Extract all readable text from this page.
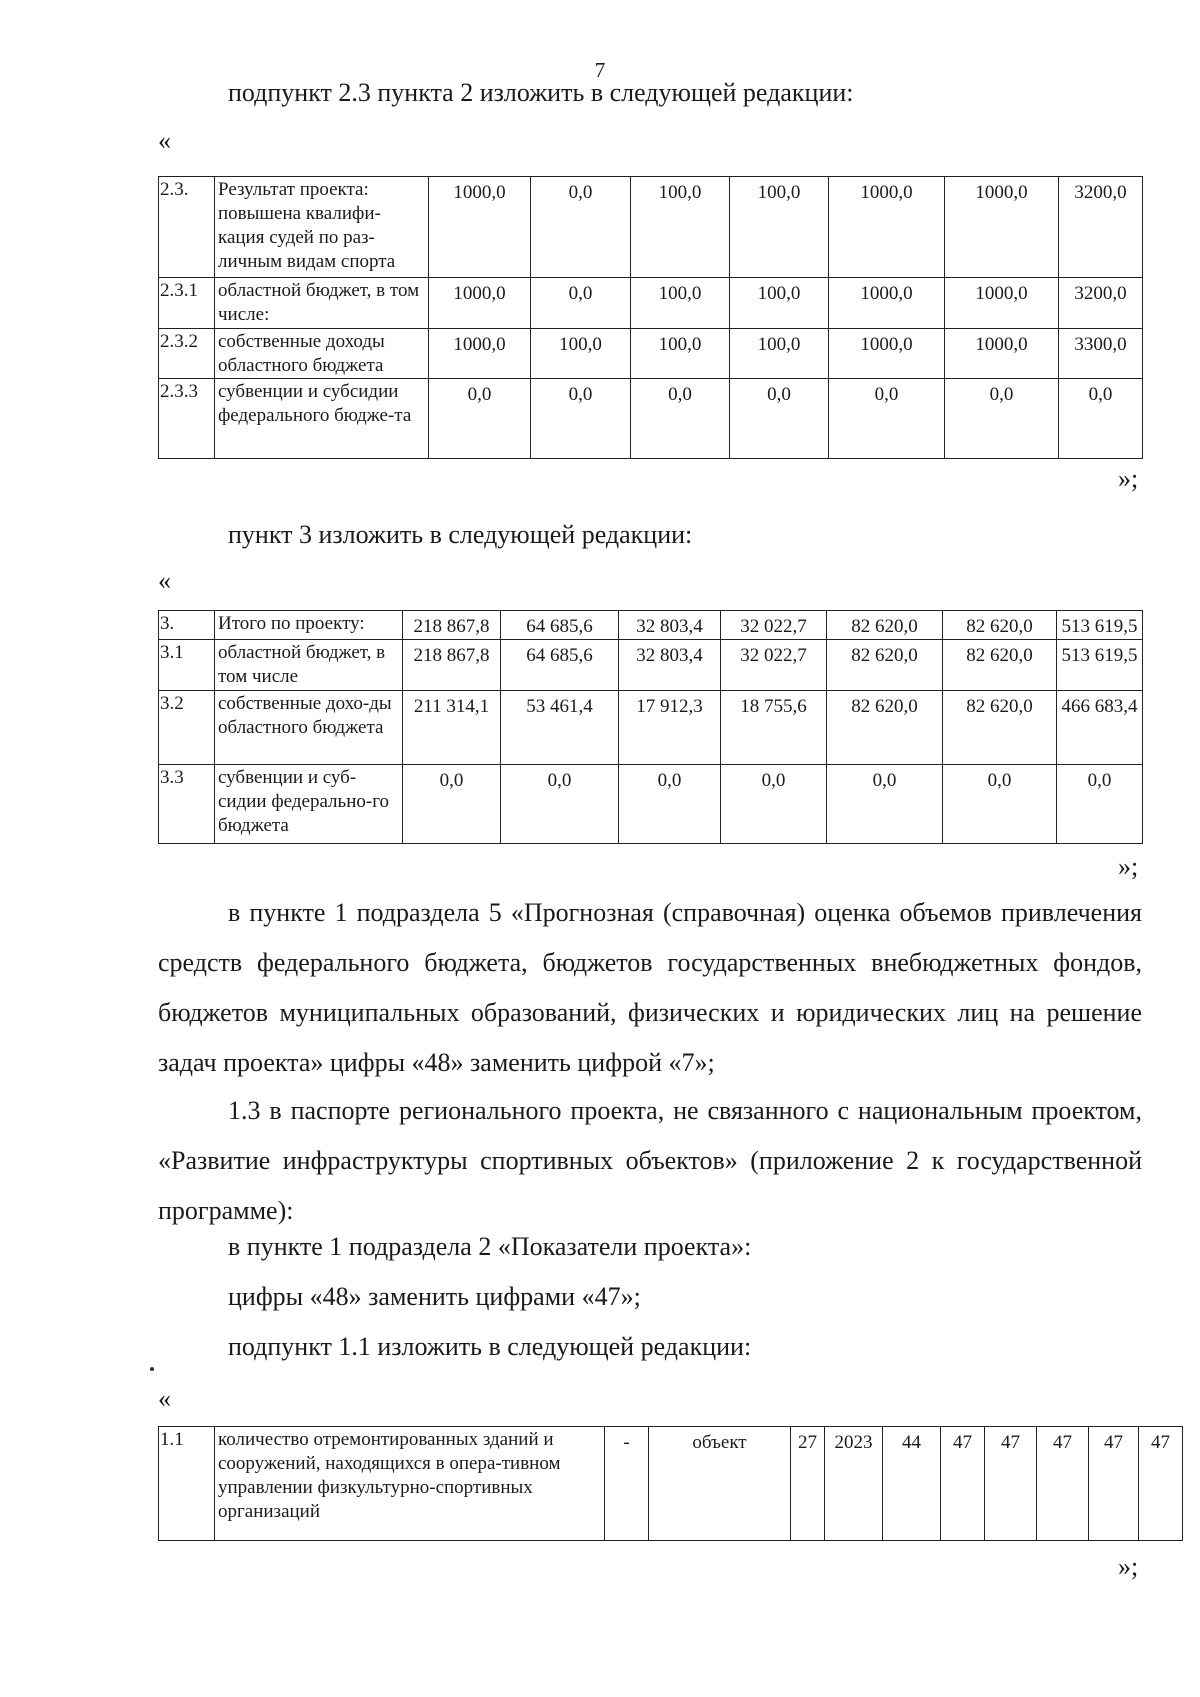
7
подпункт 2.3 пункта 2 изложить в следующей редакции:
«
2.3.	Результат проекта: повышена квалифи-кация судей по раз-личным видам спорта	1000,0	0,0	100,0	100,0	1000,0	1000,0	3200,0
2.3.1	областной бюджет, в том числе:	1000,0	0,0	100,0	100,0	1000,0	1000,0	3200,0
2.3.2	собственные доходы областного бюджета	1000,0	100,0	100,0	100,0	1000,0	1000,0	3300,0
2.3.3	субвенции и субсидии федерального бюдже-та	0,0	0,0	0,0	0,0	0,0	0,0	0,0
»;
пункт 3 изложить в следующей редакции:
«
3.	Итого по проекту:	218 867,8	64 685,6	32 803,4	32 022,7	82 620,0	82 620,0	513 619,5
3.1	областной бюджет, в том числе	218 867,8	64 685,6	32 803,4	32 022,7	82 620,0	82 620,0	513 619,5
3.2	собственные дохо-ды областного бюджета	211 314,1	53 461,4	17 912,3	18 755,6	82 620,0	82 620,0	466 683,4
3.3	субвенции и суб-сидии федерально-го бюджета	0,0	0,0	0,0	0,0	0,0	0,0	0,0
»;
в пункте 1 подраздела 5 «Прогнозная (справочная) оценка объемов привлечения средств федерального бюджета, бюджетов государственных внебюджетных фондов, бюджетов муниципальных образований, физических и юридических лиц на решение задач проекта» цифры «48» заменить цифрой «7»;
1.3 в паспорте регионального проекта, не связанного с национальным проектом, «Развитие инфраструктуры спортивных объектов» (приложение 2 к государственной программе):
в пункте 1 подраздела 2 «Показатели проекта»:
цифры «48» заменить цифрами «47»;
подпункт 1.1 изложить в следующей редакции:
«
1.1	количество отремонтированных зданий и сооружений, находящихся в опера-тивном управлении физкультурно-спортивных организаций	-	объект	27	2023	44	47	47	47	47	47
»;
